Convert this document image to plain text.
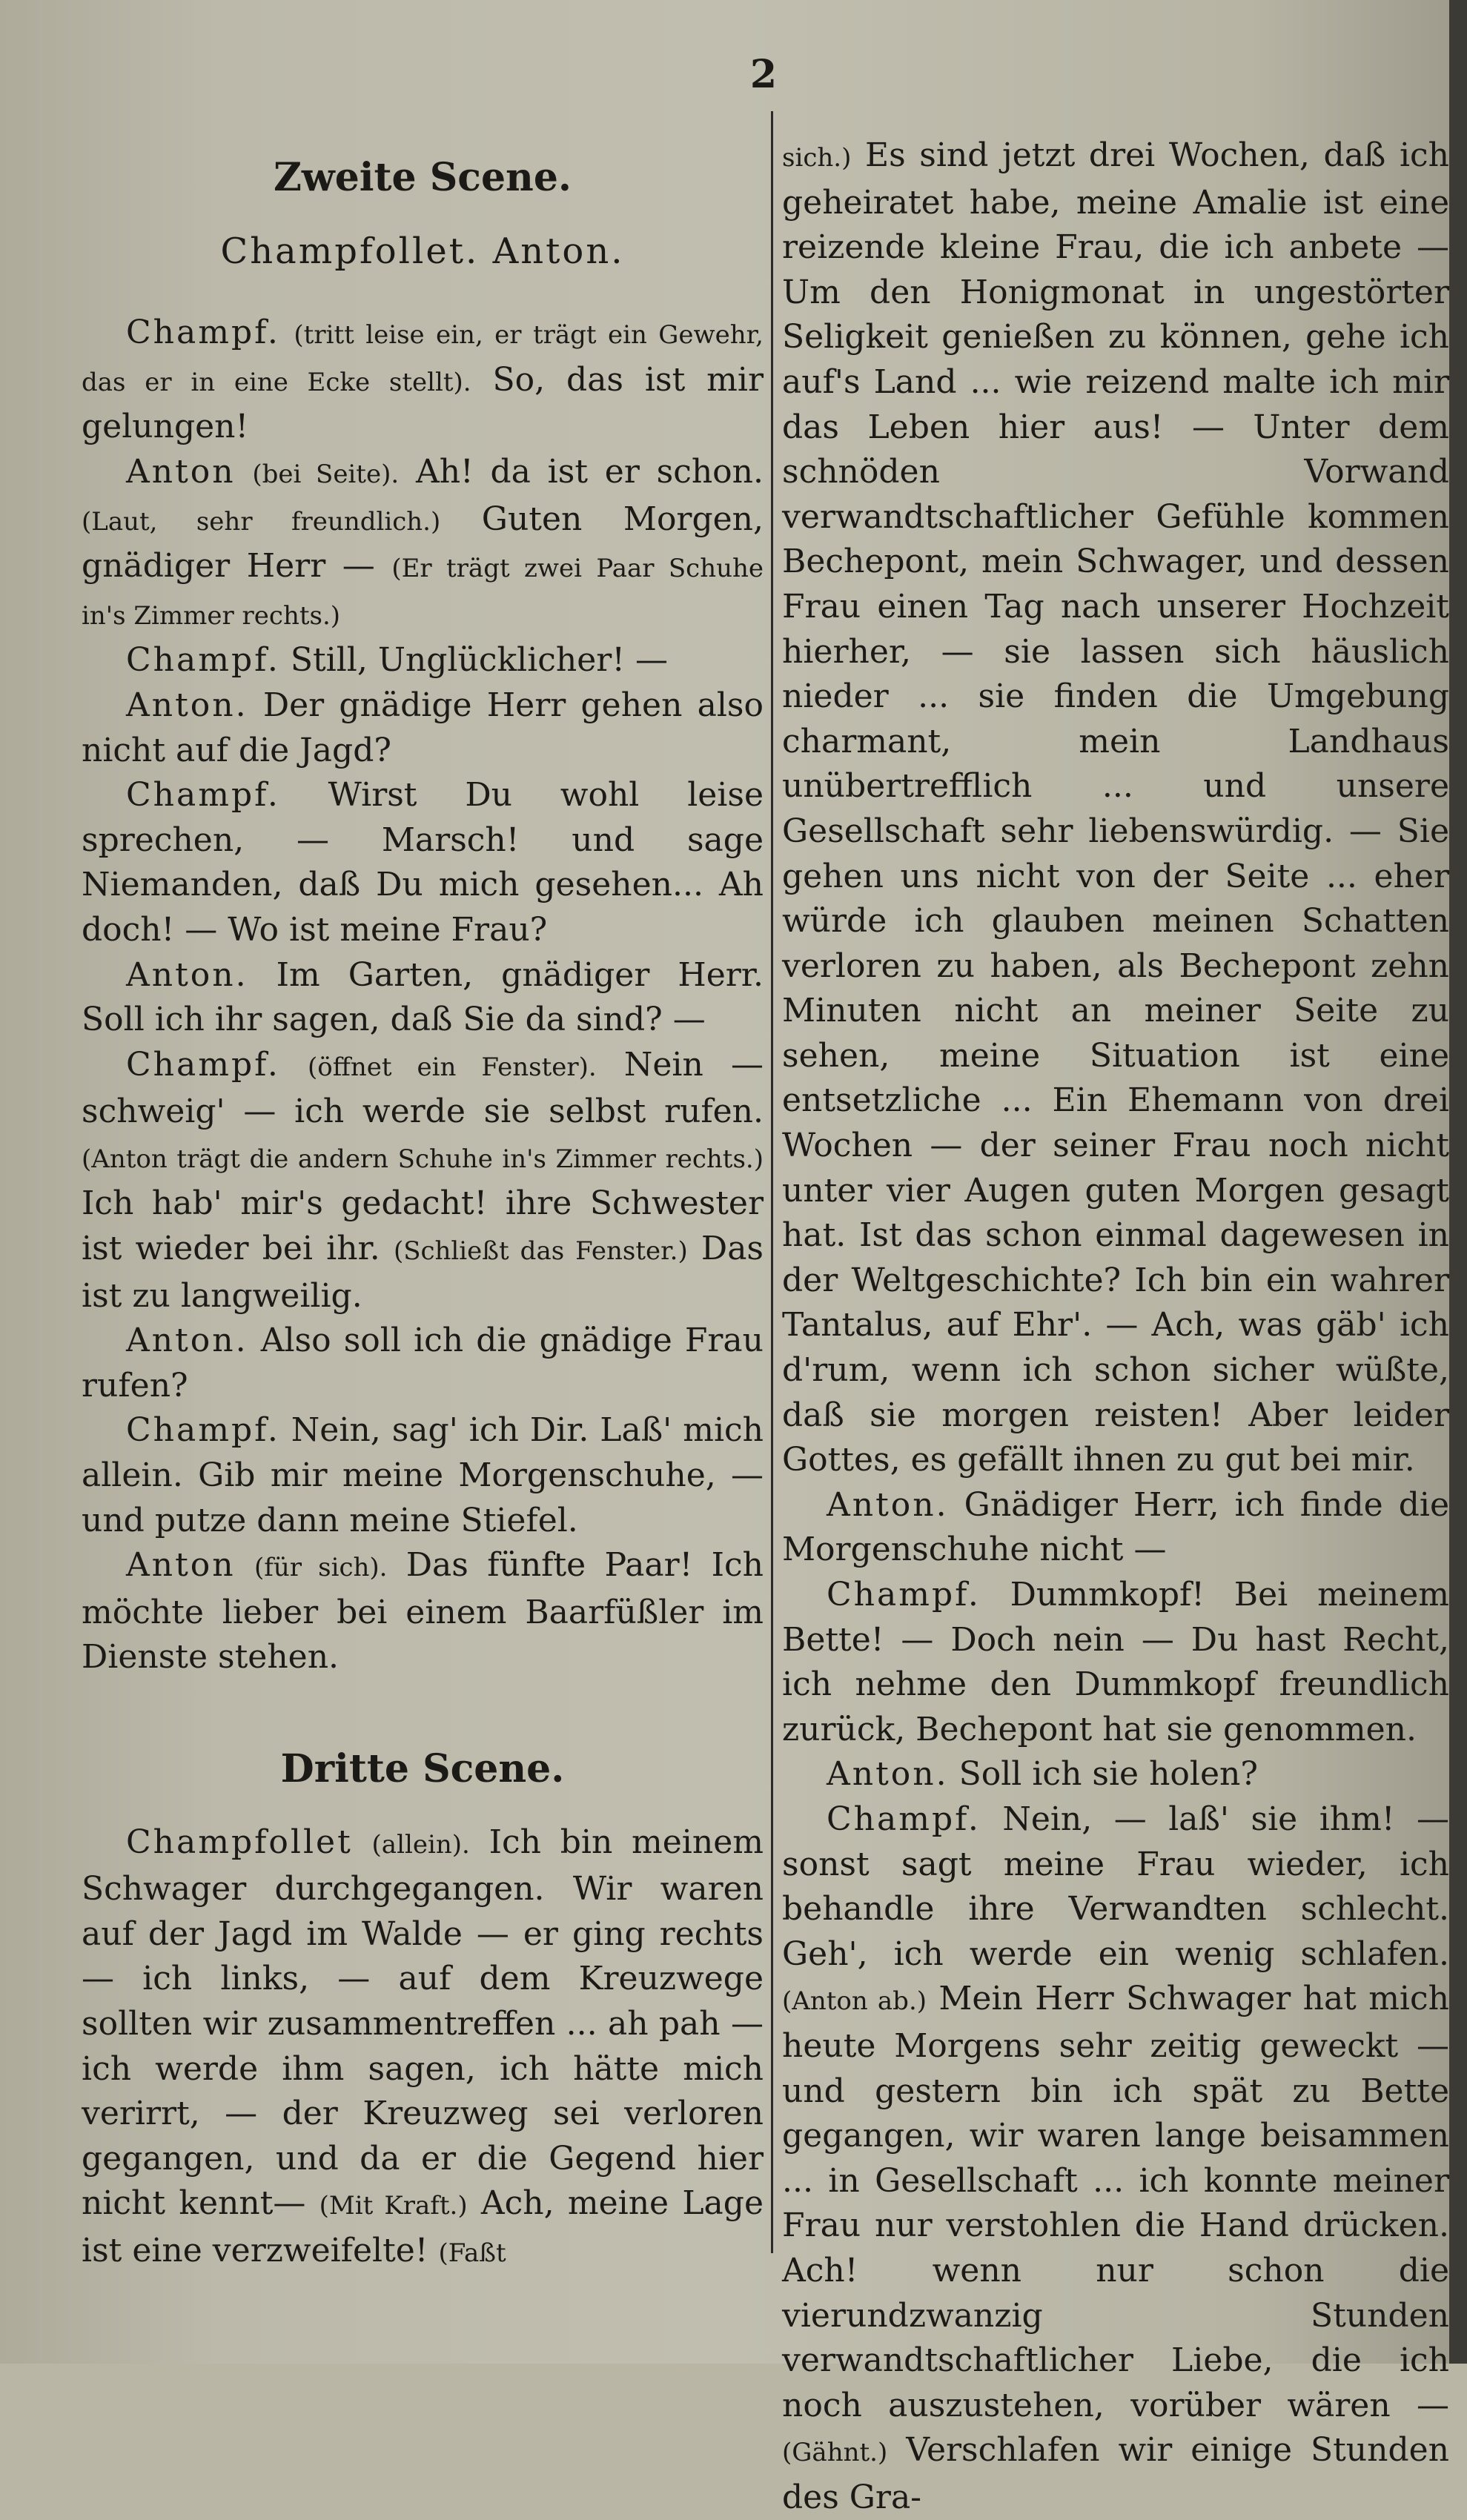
2
Zweite Scene.
Champfollet. Anton.

Champf. (tritt leise ein, er trägt ein Gewehr, das er in eine Ecke stellt). So, das ist mir gelungen!

Anton (bei Seite). Ah! da ist er schon. (Laut, sehr freundlich.) Guten Morgen, gnädiger Herr — (Er trägt zwei Paar Schuhe in's Zimmer rechts.)

Champf. Still, Unglücklicher! —

Anton. Der gnädige Herr gehen also nicht auf die Jagd?

Champf. Wirst Du wohl leise sprechen, — Marsch! und sage Niemanden, daß Du mich gesehen... Ah doch! — Wo ist meine Frau?

Anton. Im Garten, gnädiger Herr. Soll ich ihr sagen, daß Sie da sind? —

Champf. (öffnet ein Fenster). Nein — schweig' — ich werde sie selbst rufen. (Anton trägt die andern Schuhe in's Zimmer rechts.) Ich hab' mir's gedacht! ihre Schwester ist wieder bei ihr. (Schließt das Fenster.) Das ist zu langweilig.

Anton. Also soll ich die gnädige Frau rufen?

Champf. Nein, sag' ich Dir. Laß' mich allein. Gib mir meine Morgenschuhe, — und putze dann meine Stiefel.

Anton (für sich). Das fünfte Paar! Ich möchte lieber bei einem Baarfüßler im Dienste stehen.

Dritte Scene.

Champfollet (allein). Ich bin meinem Schwager durchgegangen. Wir waren auf der Jagd im Walde — er ging rechts — ich links, — auf dem Kreuzwege sollten wir zusammentreffen ... ah pah — ich werde ihm sagen, ich hätte mich verirrt, — der Kreuzweg sei verloren gegangen, und da er die Gegend hier nicht kennt— (Mit Kraft.) Ach, meine Lage ist eine verzweifelte! (Faßt

sich.) Es sind jetzt drei Wochen, daß ich geheiratet habe, meine Amalie ist eine reizende kleine Frau, die ich anbete — Um den Honigmonat in ungestörter Seligkeit genießen zu können, gehe ich auf's Land ... wie reizend malte ich mir das Leben hier aus! — Unter dem schnöden Vorwand verwandtschaftlicher Gefühle kommen Bechepont, mein Schwager, und dessen Frau einen Tag nach unserer Hochzeit hierher, — sie lassen sich häuslich nieder ... sie finden die Umgebung charmant, mein Landhaus unübertrefflich ... und unsere Gesellschaft sehr liebenswürdig. — Sie gehen uns nicht von der Seite ... eher würde ich glauben meinen Schatten verloren zu haben, als Bechepont zehn Minuten nicht an meiner Seite zu sehen, meine Situation ist eine entsetzliche ... Ein Ehemann von drei Wochen — der seiner Frau noch nicht unter vier Augen guten Morgen gesagt hat. Ist das schon einmal dagewesen in der Weltgeschichte? Ich bin ein wahrer Tantalus, auf Ehr'. — Ach, was gäb' ich d'rum, wenn ich schon sicher wüßte, daß sie morgen reisten! Aber leider Gottes, es gefällt ihnen zu gut bei mir.

Anton. Gnädiger Herr, ich finde die Morgenschuhe nicht —

Champf. Dummkopf! Bei meinem Bette! — Doch nein — Du hast Recht, ich nehme den Dummkopf freundlich zurück, Bechepont hat sie genommen.

Anton. Soll ich sie holen?

Champf. Nein, — laß' sie ihm! — sonst sagt meine Frau wieder, ich behandle ihre Verwandten schlecht. Geh', ich werde ein wenig schlafen. (Anton ab.) Mein Herr Schwager hat mich heute Morgens sehr zeitig geweckt — und gestern bin ich spät zu Bette gegangen, wir waren lange beisammen ... in Gesellschaft ... ich konnte meiner Frau nur verstohlen die Hand drücken. Ach! wenn nur schon die vierundzwanzig Stunden verwandtschaftlicher Liebe, die ich noch auszustehen, vorüber wären — (Gähnt.) Verschlafen wir einige Stunden des Gra-
